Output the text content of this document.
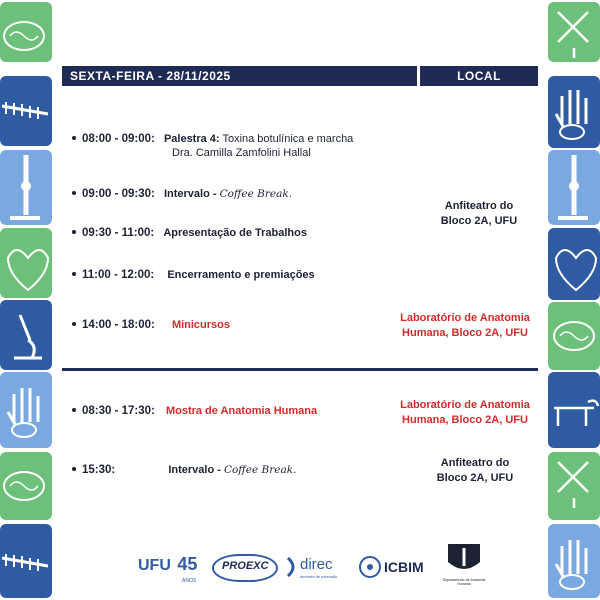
SEXTA-FEIRA - 28/11/2025	LOCAL
08:00 - 09:00: Palestra 4: Toxina botulínica e marcha
Dra. Camilla Zamfolini Hallal
09:00 - 09:30: Intervalo - Coffee Break.
09:30 - 11:00: Apresentação de Trabalhos
11:00 - 12:00: Encerramento e premiações
14:00 - 18:00: Minicursos
08:30 - 17:30: Mostra de Anatomia Humana
15:30:	Intervalo - Coffee Break.
Anfiteatro do
Bloco 2A, UFU
Laboratório de Anatomia
Humana, Bloco 2A, UFU
Laboratório de Anatomia
Humana, Bloco 2A, UFU
Anfiteatro do
Bloco 2A, UFU
UFU 45
ANOS
PROEXC direc
diretoria de extensão
ICBIM
Departamento de Anatomia Humana
